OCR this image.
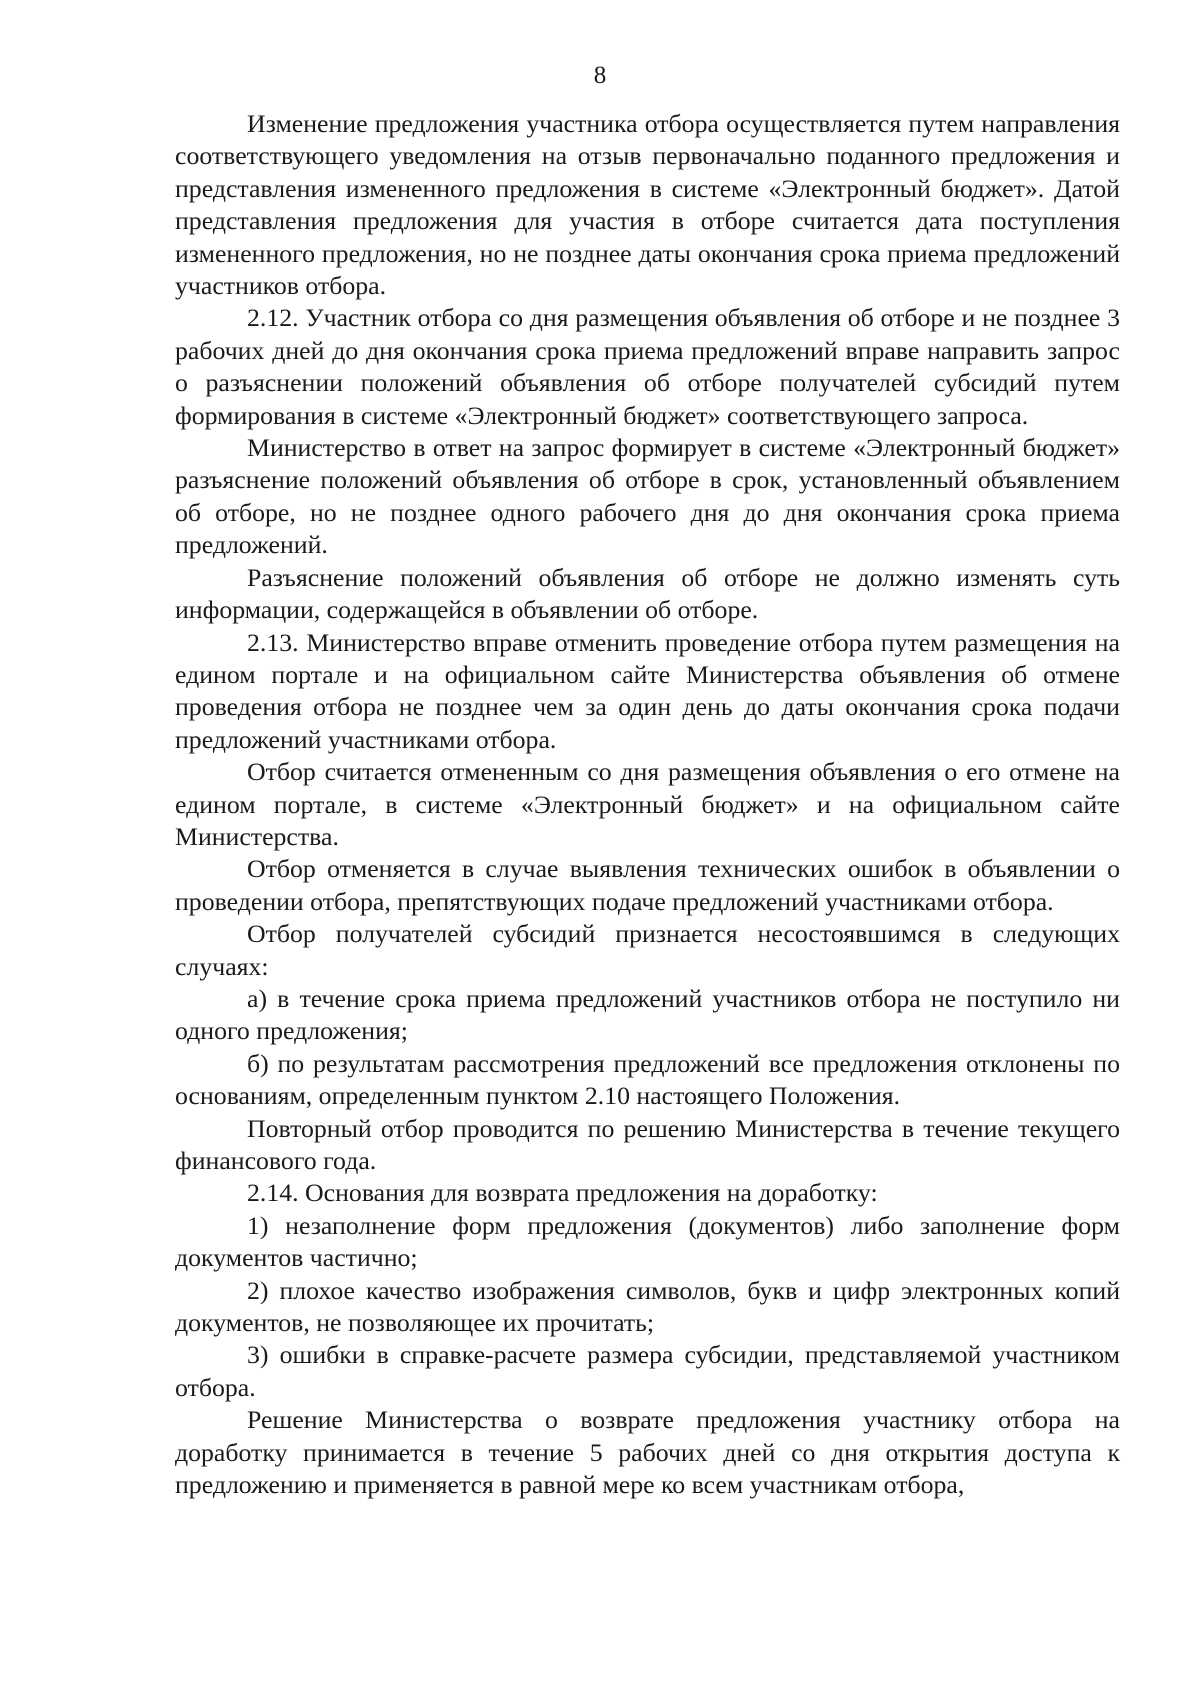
8

Изменение предложения участника отбора осуществляется путем направления соответствующего уведомления на отзыв первоначально поданного предложения и представления измененного предложения в системе «Электронный бюджет». Датой представления предложения для участия в отборе считается дата поступления измененного предложения, но не позднее даты окончания срока приема предложений участников отбора.

2.12. Участник отбора со дня размещения объявления об отборе и не позднее 3 рабочих дней до дня окончания срока приема предложений вправе направить запрос о разъяснении положений объявления об отборе получателей субсидий путем формирования в системе «Электронный бюджет» соответствующего запроса.

Министерство в ответ на запрос формирует в системе «Электронный бюджет» разъяснение положений объявления об отборе в срок, установленный объявлением об отборе, но не позднее одного рабочего дня до дня окончания срока приема предложений.

Разъяснение положений объявления об отборе не должно изменять суть информации, содержащейся в объявлении об отборе.

2.13. Министерство вправе отменить проведение отбора путем размещения на едином портале и на официальном сайте Министерства объявления об отмене проведения отбора не позднее чем за один день до даты окончания срока подачи предложений участниками отбора.

Отбор считается отмененным со дня размещения объявления о его отмене на едином портале, в системе «Электронный бюджет» и на официальном сайте Министерства.

Отбор отменяется в случае выявления технических ошибок в объявлении о проведении отбора, препятствующих подаче предложений участниками отбора.

Отбор получателей субсидий признается несостоявшимся в следующих случаях:

а) в течение срока приема предложений участников отбора не поступило ни одного предложения;

б) по результатам рассмотрения предложений все предложения отклонены по основаниям, определенным пунктом 2.10 настоящего Положения.

Повторный отбор проводится по решению Министерства в течение текущего финансового года.

2.14. Основания для возврата предложения на доработку:

1) незаполнение форм предложения (документов) либо заполнение форм документов частично;

2) плохое качество изображения символов, букв и цифр электронных копий документов, не позволяющее их прочитать;

3) ошибки в справке-расчете размера субсидии, представляемой участником отбора.

Решение Министерства о возврате предложения участнику отбора на доработку принимается в течение 5 рабочих дней со дня открытия доступа к предложению и применяется в равной мере ко всем участникам отбора,
